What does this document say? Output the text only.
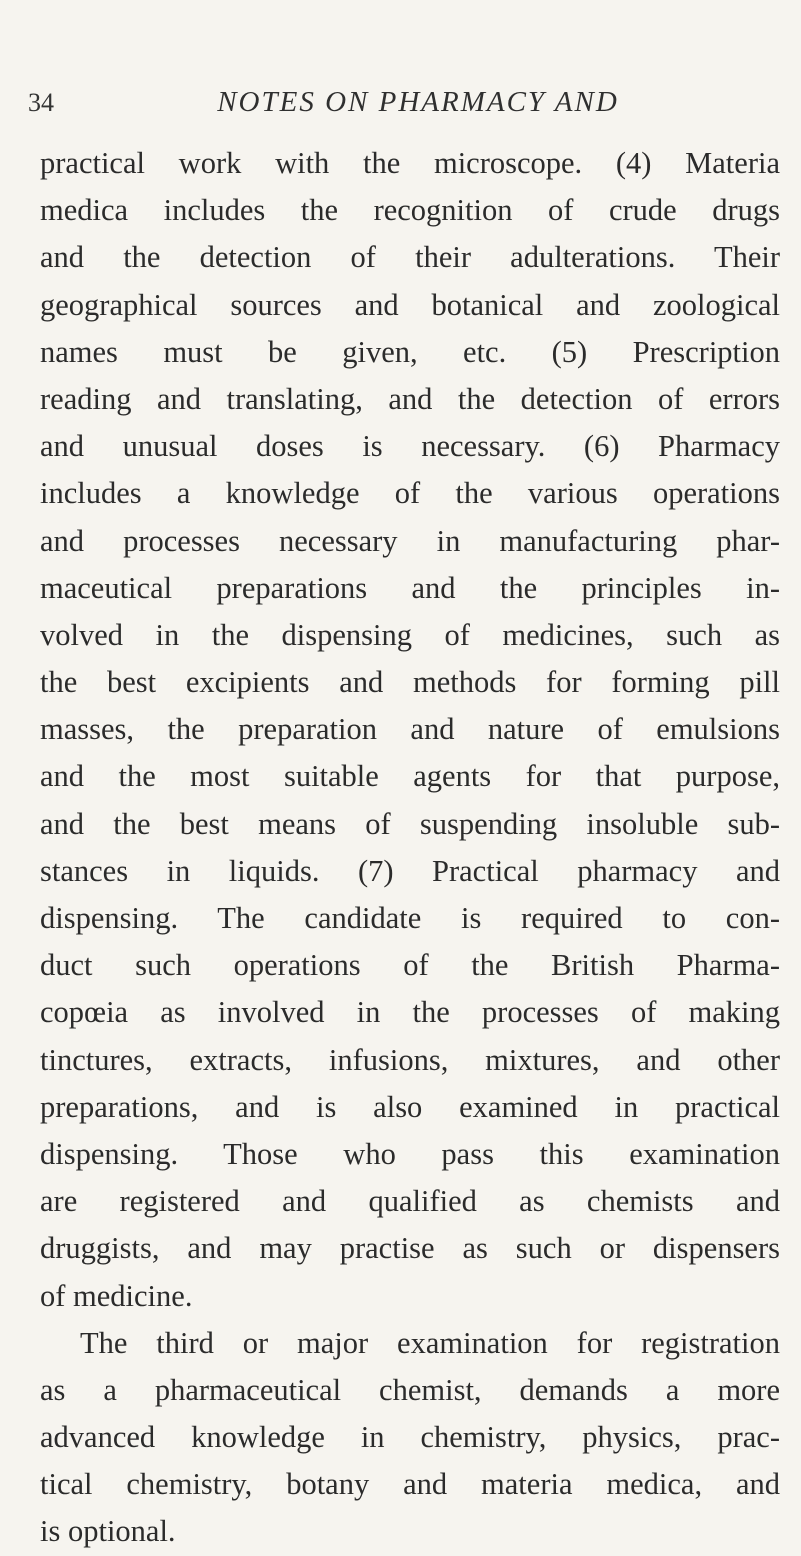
34	NOTES ON PHARMACY AND
practical work with the microscope. (4) Materia
medica includes the recognition of crude drugs
and the detection of their adulterations. Their
geographical sources and botanical and zoological
names must be given, etc. (5) Prescription
reading and translating, and the detection of errors
and unusual doses is necessary. (6) Pharmacy
includes a knowledge of the various operations
and processes necessary in manufacturing phar-
maceutical preparations and the principles in-
volved in the dispensing of medicines, such as
the best excipients and methods for forming pill
masses, the preparation and nature of emulsions
and the most suitable agents for that purpose,
and the best means of suspending insoluble sub-
stances in liquids. (7) Practical pharmacy and
dispensing. The candidate is required to con-
duct such operations of the British Pharma-
copœia as involved in the processes of making
tinctures, extracts, infusions, mixtures, and other
preparations, and is also examined in practical
dispensing. Those who pass this examination
are registered and qualified as chemists and
druggists, and may practise as such or dispensers
of medicine.
The third or major examination for registration
as a pharmaceutical chemist, demands a more
advanced knowledge in chemistry, physics, prac-
tical chemistry, botany and materia medica, and
is optional.
